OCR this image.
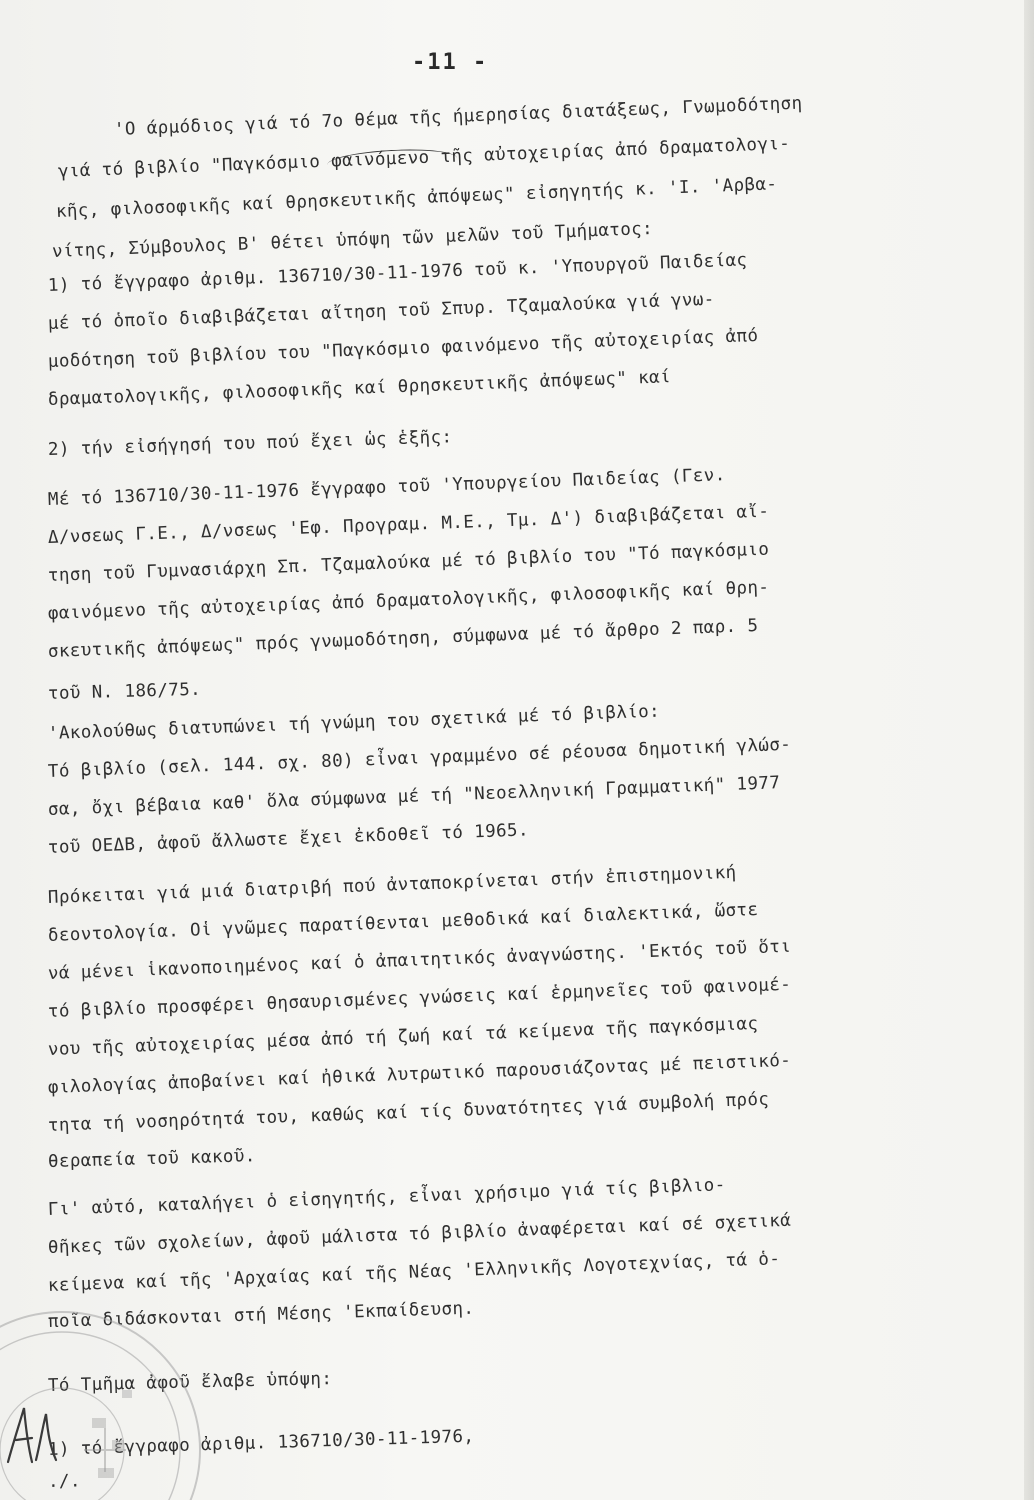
-11 -
'Ο άρμόδιος γιά τό 7ο θέμα τῆς ήμερησίας διατάξεως, Γνωμοδότηση
γιά τό βιβλίο "Παγκόσμιο φαινόμενο τῆς αὐτοχειρίας ἀπό δραματολογι-
κῆς, φιλοσοφικῆς καί θρησκευτικῆς ἀπόψεως" εἰσηγητής κ. 'Ι. 'Αρβα-
νίτης, Σύμβουλος Β' θέτει ὑπόψη τῶν μελῶν τοῦ Τμήματος:
1) τό ἔγγραφο ἀριθμ. 136710/30-11-1976 τοῦ κ. 'Υπουργοῦ Παιδείας
μέ τό ὁποῖο διαβιβάζεται αἴτηση τοῦ Σπυρ. Τζαμαλούκα γιά γνω-
μοδότηση τοῦ βιβλίου του "Παγκόσμιο φαινόμενο τῆς αὐτοχειρίας ἀπό
δραματολογικῆς, φιλοσοφικῆς καί θρησκευτικῆς ἀπόψεως" καί
2) τήν εἰσήγησή του πού ἔχει ὡς ἑξῆς:
Μέ τό 136710/30-11-1976 ἔγγραφο τοῦ 'Υπουργείου Παιδείας (Γεν.
Δ/νσεως Γ.Ε., Δ/νσεως 'Εφ. Προγραμ. Μ.Ε., Τμ. Δ') διαβιβάζεται αἴ-
τηση τοῦ Γυμνασιάρχη Σπ. Τζαμαλούκα μέ τό βιβλίο του "Τό παγκόσμιο
φαινόμενο τῆς αὐτοχειρίας ἀπό δραματολογικῆς, φιλοσοφικῆς καί θρη-
σκευτικῆς ἀπόψεως" πρός γνωμοδότηση, σύμφωνα μέ τό ἄρθρο 2 παρ. 5
τοῦ Ν. 186/75.
'Ακολούθως διατυπώνει τή γνώμη του σχετικά μέ τό βιβλίο:
Τό βιβλίο (σελ. 144. σχ. 80) εἶναι γραμμένο σέ ρέουσα δημοτική γλώσ-
σα, ὄχι βέβαια καθ' ὅλα σύμφωνα μέ τή "Νεοελληνική Γραμματική" 1977
τοῦ ΟΕΔΒ, ἀφοῦ ἄλλωστε ἔχει ἐκδοθεῖ τό 1965.
Πρόκειται γιά μιά διατριβή πού ἀνταποκρίνεται στήν ἐπιστημονική
δεοντολογία. Οἱ γνῶμες παρατίθενται μεθοδικά καί διαλεκτικά, ὥστε
νά μένει ἱκανοποιημένος καί ὁ ἀπαιτητικός ἀναγνώστης. 'Εκτός τοῦ ὅτι
τό βιβλίο προσφέρει θησαυρισμένες γνώσεις καί ἑρμηνεῖες τοῦ φαινομέ-
νου τῆς αὐτοχειρίας μέσα ἀπό τή ζωή καί τά κείμενα τῆς παγκόσμιας
φιλολογίας ἀποβαίνει καί ἠθικά λυτρωτικό παρουσιάζοντας μέ πειστικό-
τητα τή νοσηρότητά του, καθώς καί τίς δυνατότητες γιά συμβολή πρός
θεραπεία τοῦ κακοῦ.
Γι' αὐτό, καταλήγει ὁ εἰσηγητής, εἶναι χρήσιμο γιά τίς βιβλιο-
θῆκες τῶν σχολείων, ἀφοῦ μάλιστα τό βιβλίο ἀναφέρεται καί σέ σχετικά
κείμενα καί τῆς 'Αρχαίας καί τῆς Νέας 'Ελληνικῆς Λογοτεχνίας, τά ὁ-
ποῖα διδάσκονται στή Μέσης 'Εκπαίδευση.
Τό Τμῆμα ἀφοῦ ἔλαβε ὑπόψη:
1) τό ἔγγραφο ἀριθμ. 136710/30-11-1976,
./.
